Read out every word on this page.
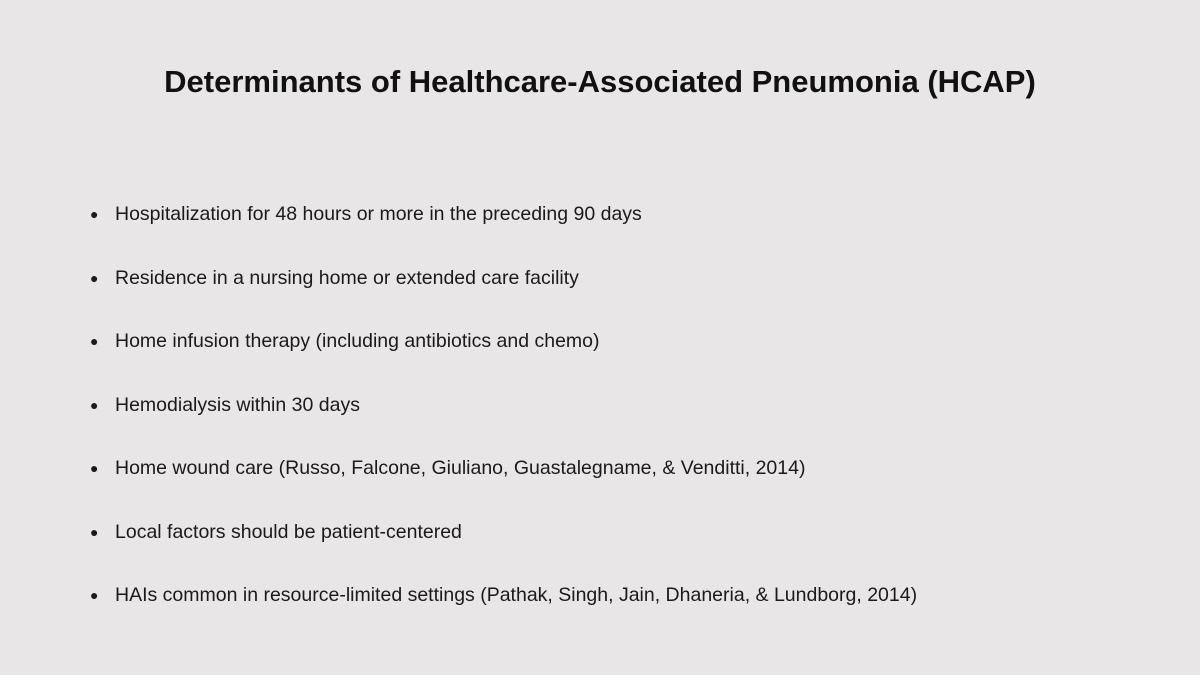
Determinants of Healthcare-Associated Pneumonia (HCAP)
● Hospitalization for 48 hours or more in the preceding 90 days
● Residence in a nursing home or extended care facility
● Home infusion therapy (including antibiotics and chemo)
● Hemodialysis within 30 days
● Home wound care (Russo, Falcone, Giuliano, Guastalegname, & Venditti, 2014)
● Local factors should be patient-centered
● HAIs common in resource-limited settings (Pathak, Singh, Jain, Dhaneria, & Lundborg, 2014)
